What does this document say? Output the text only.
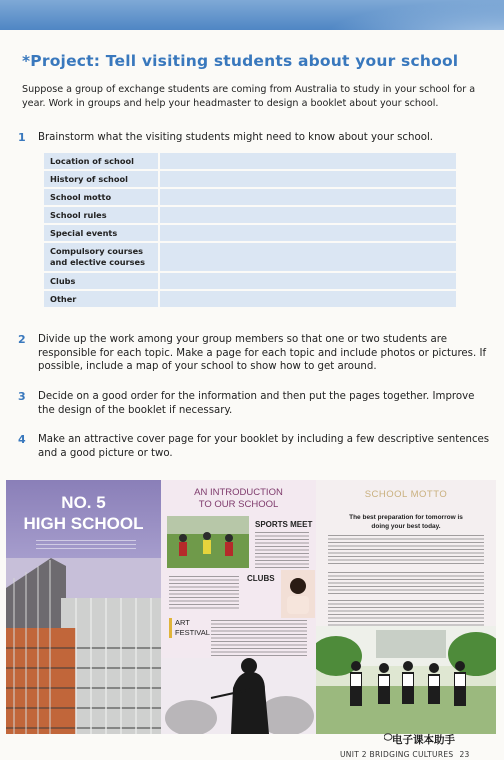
*Project: Tell visiting students about your school

Suppose a group of exchange students are coming from Australia to study in your school for a year. Work in groups and help your headmaster to design a booklet about your school.

1	Brainstorm what the visiting students might need to know about your school.
Location of school	
History of school	
School motto	
School rules	
Special events	
Compulsory courses
and elective courses	
Clubs	
Other	
2	Divide up the work among your group members so that one or two students are responsible for each topic. Make a page for each topic and include photos or pictures. If possible, include a map of your school to show how to get around.
3	Decide on a good order for the information and then put the pages together. Improve the design of the booklet if necessary.
4	Make an attractive cover page for your booklet by including a few descriptive sentences and a good picture or two.
NO. 5
HIGH SCHOOL
AN INTRODUCTION
TO OUR SCHOOL
SPORTS MEET
CLUBS
ART
FESTIVAL
SCHOOL MOTTO
The best preparation for tomorrow is
doing your best today.
电子课本助手
UNIT 2 BRIDGING CULTURES 23
